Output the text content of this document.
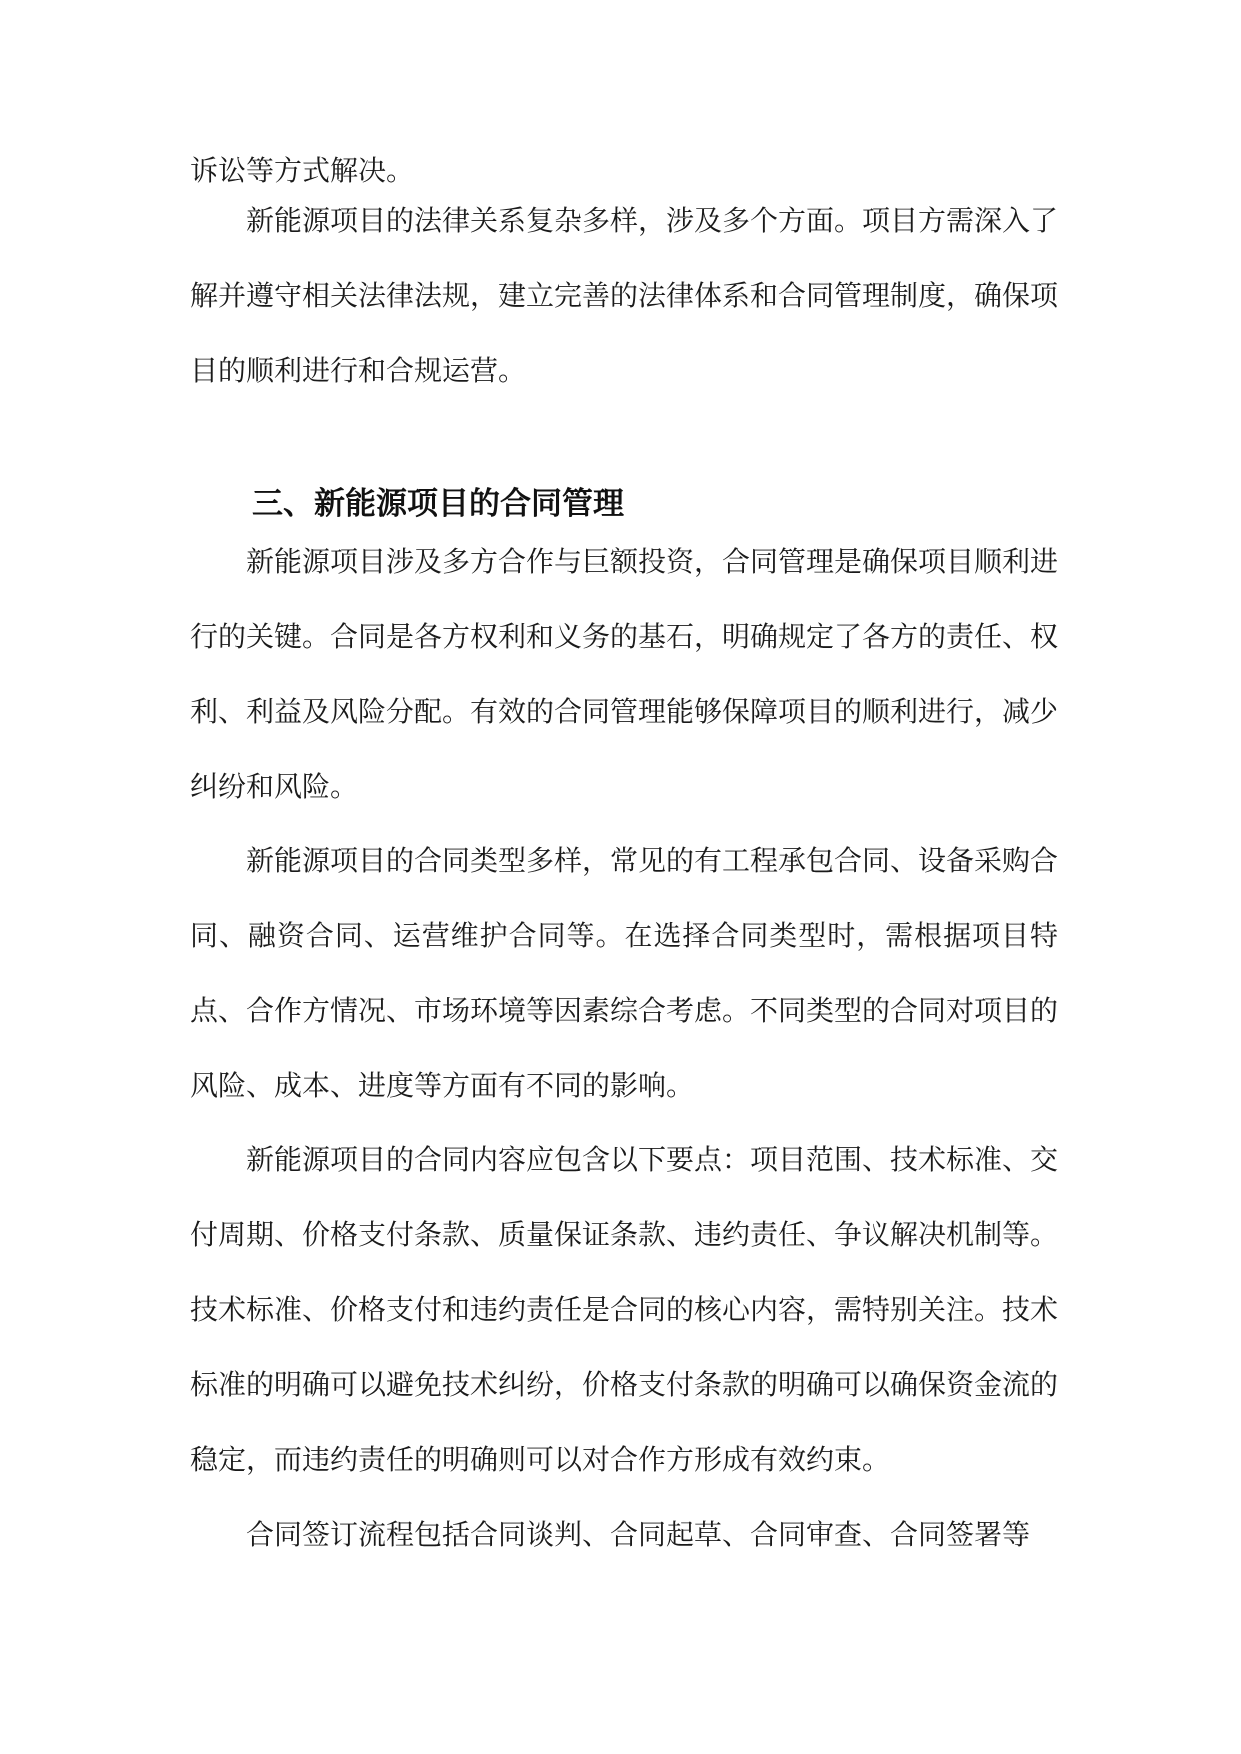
诉讼等方式解决。

新能源项目的法律关系复杂多样，涉及多个方面。项目方需深入了解并遵守相关法律法规，建立完善的法律体系和合同管理制度，确保项目的顺利进行和合规运营。

三、新能源项目的合同管理

新能源项目涉及多方合作与巨额投资，合同管理是确保项目顺利进行的关键。合同是各方权利和义务的基石，明确规定了各方的责任、权利、利益及风险分配。有效的合同管理能够保障项目的顺利进行，减少纠纷和风险。

新能源项目的合同类型多样，常见的有工程承包合同、设备采购合同、融资合同、运营维护合同等。在选择合同类型时，需根据项目特点、合作方情况、市场环境等因素综合考虑。不同类型的合同对项目的风险、成本、进度等方面有不同的影响。

新能源项目的合同内容应包含以下要点：项目范围、技术标准、交付周期、价格支付条款、质量保证条款、违约责任、争议解决机制等。技术标准、价格支付和违约责任是合同的核心内容，需特别关注。技术标准的明确可以避免技术纠纷，价格支付条款的明确可以确保资金流的稳定，而违约责任的明确则可以对合作方形成有效约束。

合同签订流程包括合同谈判、合同起草、合同审查、合同签署等
